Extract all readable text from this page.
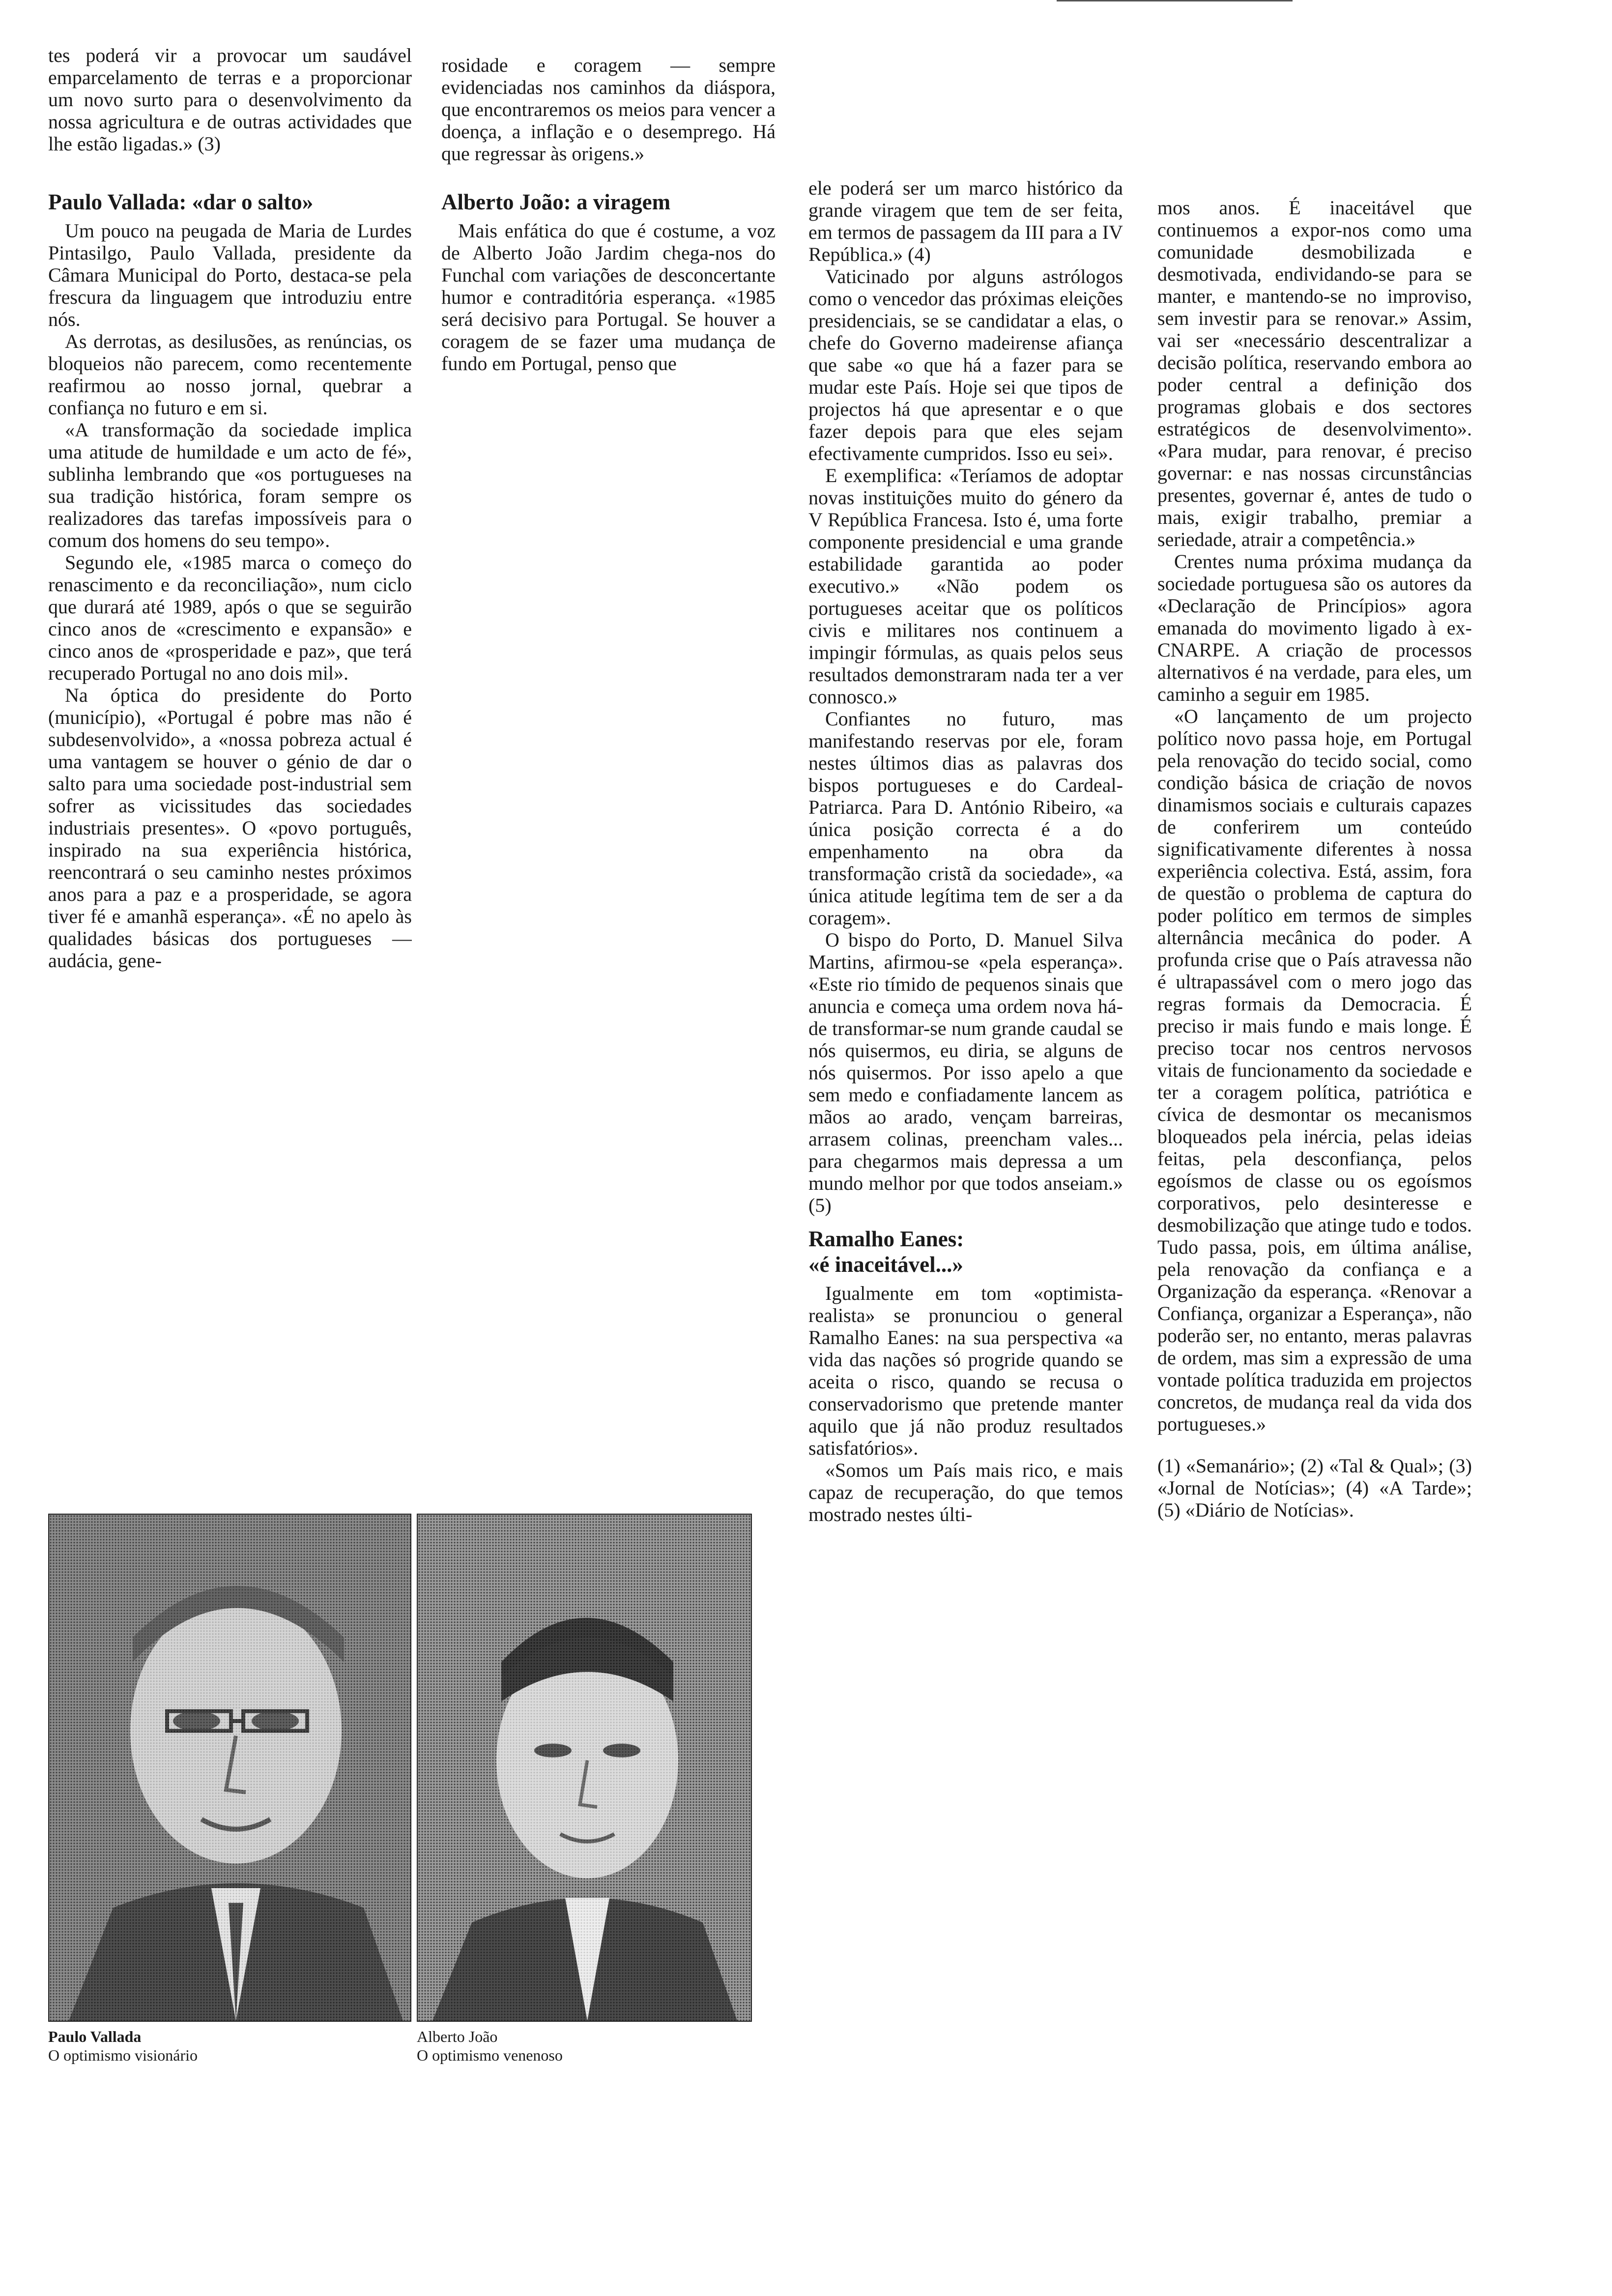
tes poderá vir a provocar um saudável emparcelamento de terras e a proporcionar um novo surto para o desenvolvimento da nossa agricultura e de outras actividades que lhe estão ligadas.» (3)

Paulo Vallada: «dar o salto»

Um pouco na peugada de Maria de Lurdes Pintasilgo, Paulo Vallada, presidente da Câmara Municipal do Porto, destaca-se pela frescura da linguagem que introduziu entre nós.

As derrotas, as desilusões, as renúncias, os bloqueios não parecem, como recentemente reafirmou ao nosso jornal, quebrar a confiança no futuro e em si.

«A transformação da sociedade implica uma atitude de humildade e um acto de fé», sublinha lembrando que «os portugueses na sua tradição histórica, foram sempre os realizadores das tarefas impossíveis para o comum dos homens do seu tempo».

Segundo ele, «1985 marca o começo do renascimento e da reconciliação», num ciclo que durará até 1989, após o que se seguirão cinco anos de «crescimento e expansão» e cinco anos de «prosperidade e paz», que terá recuperado Portugal no ano dois mil».

Na óptica do presidente do Porto (município), «Portugal é pobre mas não é subdesenvolvido», a «nossa pobreza actual é uma vantagem se houver o génio de dar o salto para uma sociedade post-industrial sem sofrer as vicissitudes das sociedades industriais presentes». O «povo português, inspirado na sua experiência histórica, reencontrará o seu caminho nestes próximos anos para a paz e a prosperidade, se agora tiver fé e amanhã esperança». «É no apelo às qualidades básicas dos portugueses — audácia, gene-

rosidade e coragem — sempre evidenciadas nos caminhos da diáspora, que encontraremos os meios para vencer a doença, a inflação e o desemprego. Há que regressar às origens.»

Alberto João: a viragem

Mais enfática do que é costume, a voz de Alberto João Jardim chega-nos do Funchal com variações de desconcertante humor e contraditória esperança. «1985 será decisivo para Portugal. Se houver a coragem de se fazer uma mudança de fundo em Portugal, penso que

ele poderá ser um marco histórico da grande viragem que tem de ser feita, em termos de passagem da III para a IV República.» (4)

Vaticinado por alguns astrólogos como o vencedor das próximas eleições presidenciais, se se candidatar a elas, o chefe do Governo madeirense afiança que sabe «o que há a fazer para se mudar este País. Hoje sei que tipos de projectos há que apresentar e o que fazer depois para que eles sejam efectivamente cumpridos. Isso eu sei».

E exemplifica: «Teríamos de adoptar novas instituições muito do género da V República Francesa. Isto é, uma forte componente presidencial e uma grande estabilidade garantida ao poder executivo.» «Não podem os portugueses aceitar que os políticos civis e militares nos continuem a impingir fórmulas, as quais pelos seus resultados demonstraram nada ter a ver connosco.»

Confiantes no futuro, mas manifestando reservas por ele, foram nestes últimos dias as palavras dos bispos portugueses e do Cardeal-Patriarca. Para D. António Ribeiro, «a única posição correcta é a do empenhamento na obra da transformação cristã da sociedade», «a única atitude legítima tem de ser a da coragem».

O bispo do Porto, D. Manuel Silva Martins, afirmou-se «pela esperança». «Este rio tímido de pequenos sinais que anuncia e começa uma ordem nova há-de transformar-se num grande caudal se nós quisermos, eu diria, se alguns de nós quisermos. Por isso apelo a que sem medo e confiadamente lancem as mãos ao arado, vençam barreiras, arrasem colinas, preencham vales... para chegarmos mais depressa a um mundo melhor por que todos anseiam.» (5)

Ramalho Eanes:
«é inaceitável...»

Igualmente em tom «optimista-realista» se pronunciou o general Ramalho Eanes: na sua perspectiva «a vida das nações só progride quando se aceita o risco, quando se recusa o conservadorismo que pretende manter aquilo que já não produz resultados satisfatórios».

«Somos um País mais rico, e mais capaz de recuperação, do que temos mostrado nestes últi-

mos anos. É inaceitável que continuemos a expor-nos como uma comunidade desmobilizada e desmotivada, endividando-se para se manter, e mantendo-se no improviso, sem investir para se renovar.» Assim, vai ser «necessário descentralizar a decisão política, reservando embora ao poder central a definição dos programas globais e dos sectores estratégicos de desenvolvimento». «Para mudar, para renovar, é preciso governar: e nas nossas circunstâncias presentes, governar é, antes de tudo o mais, exigir trabalho, premiar a seriedade, atrair a competência.»

Crentes numa próxima mudança da sociedade portuguesa são os autores da «Declaração de Princípios» agora emanada do movimento ligado à ex-CNARPE. A criação de processos alternativos é na verdade, para eles, um caminho a seguir em 1985.

«O lançamento de um projecto político novo passa hoje, em Portugal pela renovação do tecido social, como condição básica de criação de novos dinamismos sociais e culturais capazes de conferirem um conteúdo significativamente diferentes à nossa experiência colectiva. Está, assim, fora de questão o problema de captura do poder político em termos de simples alternância mecânica do poder. A profunda crise que o País atravessa não é ultrapassável com o mero jogo das regras formais da Democracia. É preciso ir mais fundo e mais longe. É preciso tocar nos centros nervosos vitais de funcionamento da sociedade e ter a coragem política, patriótica e cívica de desmontar os mecanismos bloqueados pela inércia, pelas ideias feitas, pela desconfiança, pelos egoísmos de classe ou os egoísmos corporativos, pelo desinteresse e desmobilização que atinge tudo e todos. Tudo passa, pois, em última análise, pela renovação da confiança e a Organização da esperança. «Renovar a Confiança, organizar a Esperança», não poderão ser, no entanto, meras palavras de ordem, mas sim a expressão de uma vontade política traduzida em projectos concretos, de mudança real da vida dos portugueses.»

(1) «Semanário»; (2) «Tal & Qual»; (3) «Jornal de Notícias»; (4) «A Tarde»; (5) «Diário de Notícias».

Paulo Vallada
O optimismo visionário
Alberto João
O optimismo venenoso
